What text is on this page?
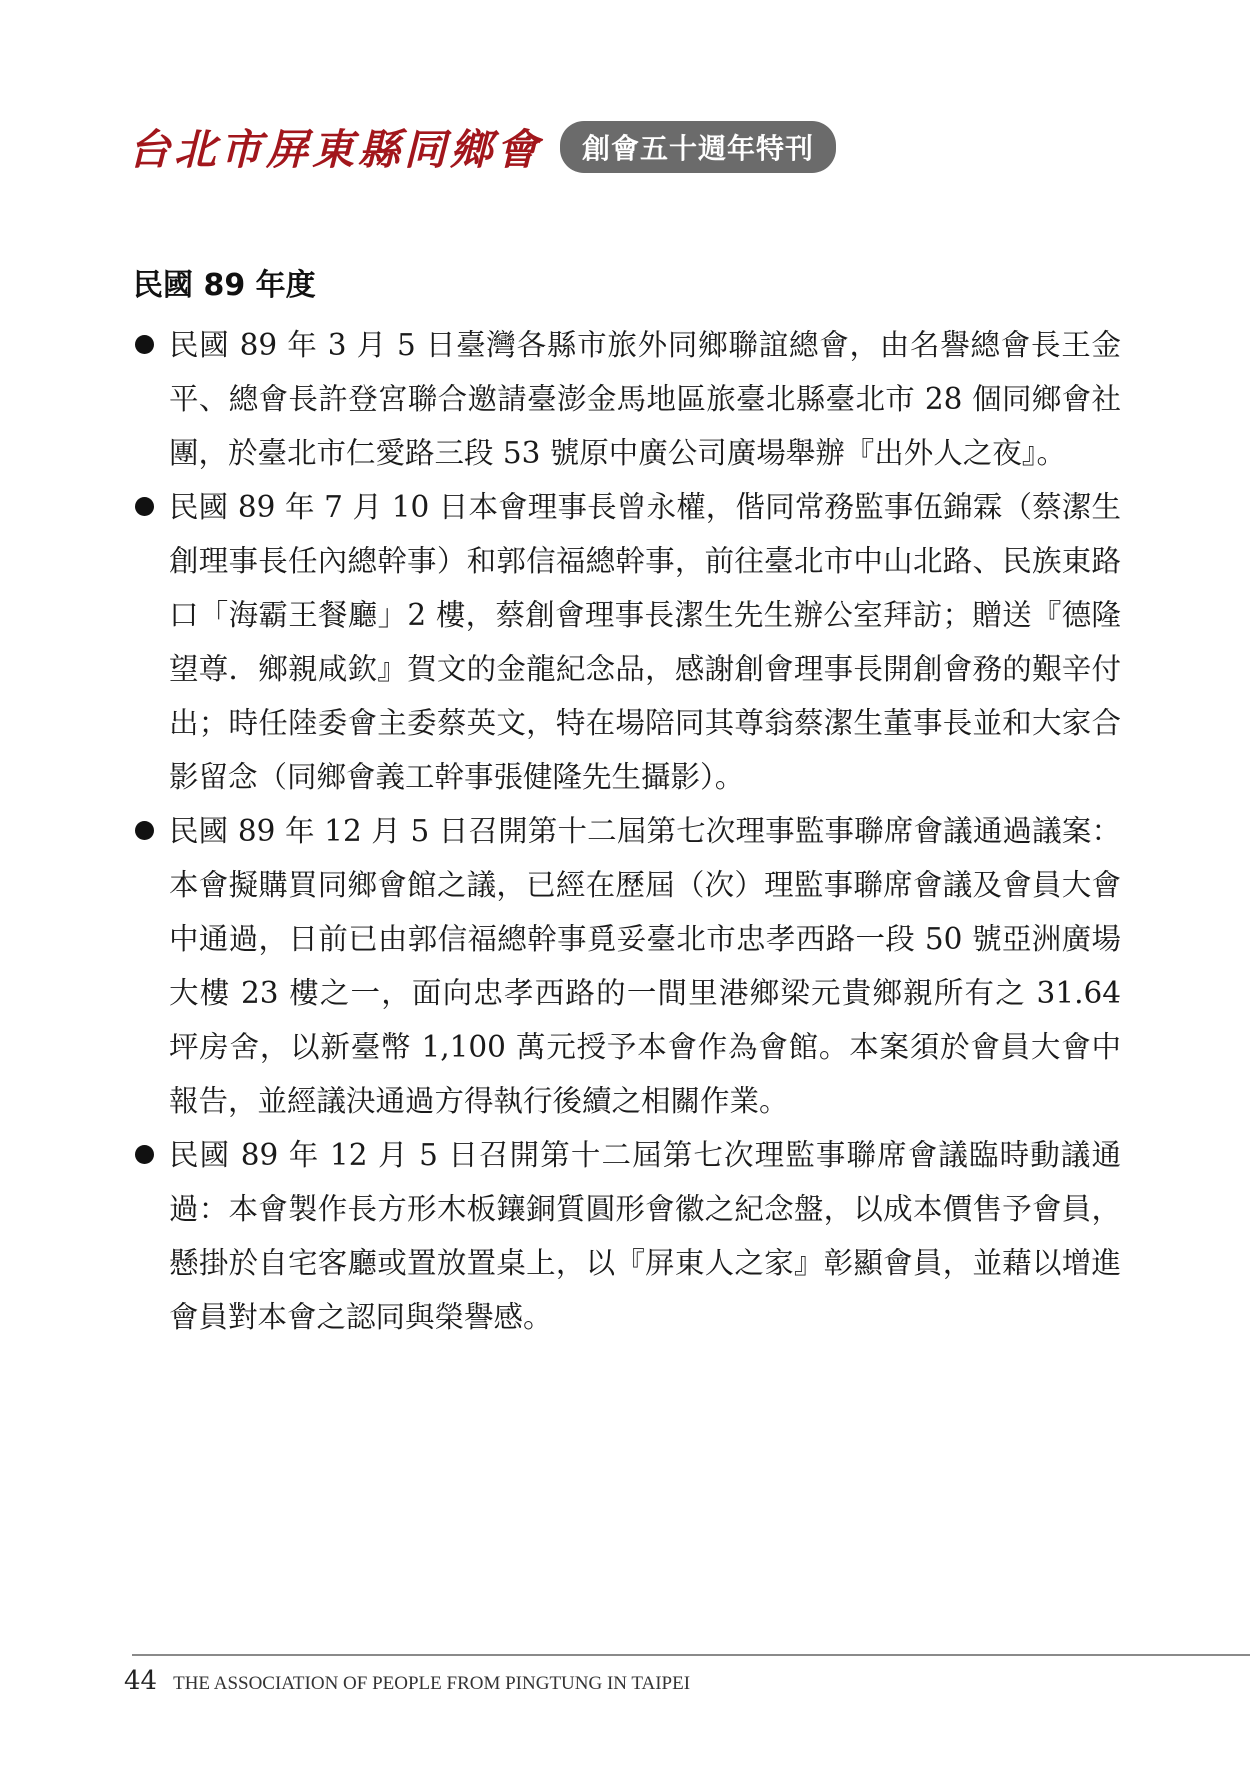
台北市屏東縣同鄉會	創會五十週年特刊
民國 89 年度
民國 89 年 3 月 5 日臺灣各縣市旅外同鄉聯誼總會，由名譽總會長王金平、總會長許登宮聯合邀請臺澎金馬地區旅臺北縣臺北市 28 個同鄉會社團，於臺北市仁愛路三段 53 號原中廣公司廣場舉辦『出外人之夜』。
民國 89 年 7 月 10 日本會理事長曾永權，偕同常務監事伍錦霖（蔡潔生創理事長任內總幹事）和郭信福總幹事，前往臺北市中山北路、民族東路口「海霸王餐廳」2 樓，蔡創會理事長潔生先生辦公室拜訪；贈送『德隆望尊．鄉親咸欽』賀文的金龍紀念品，感謝創會理事長開創會務的艱辛付出；時任陸委會主委蔡英文，特在場陪同其尊翁蔡潔生董事長並和大家合影留念（同鄉會義工幹事張健隆先生攝影）。
民國 89 年 12 月 5 日召開第十二屆第七次理事監事聯席會議通過議案：本會擬購買同鄉會館之議，已經在歷屆（次）理監事聯席會議及會員大會中通過，日前已由郭信福總幹事覓妥臺北市忠孝西路一段 50 號亞洲廣場大樓 23 樓之一，面向忠孝西路的一間里港鄉梁元貴鄉親所有之 31.64 坪房舍，以新臺幣 1,100 萬元授予本會作為會館。本案須於會員大會中報告，並經議決通過方得執行後續之相關作業。
民國 89 年 12 月 5 日召開第十二屆第七次理監事聯席會議臨時動議通過：本會製作長方形木板鑲銅質圓形會徽之紀念盤，以成本價售予會員，懸掛於自宅客廳或置放置桌上，以『屏東人之家』彰顯會員，並藉以增進會員對本會之認同與榮譽感。
44 THE ASSOCIATION OF PEOPLE FROM PINGTUNG IN TAIPEI
